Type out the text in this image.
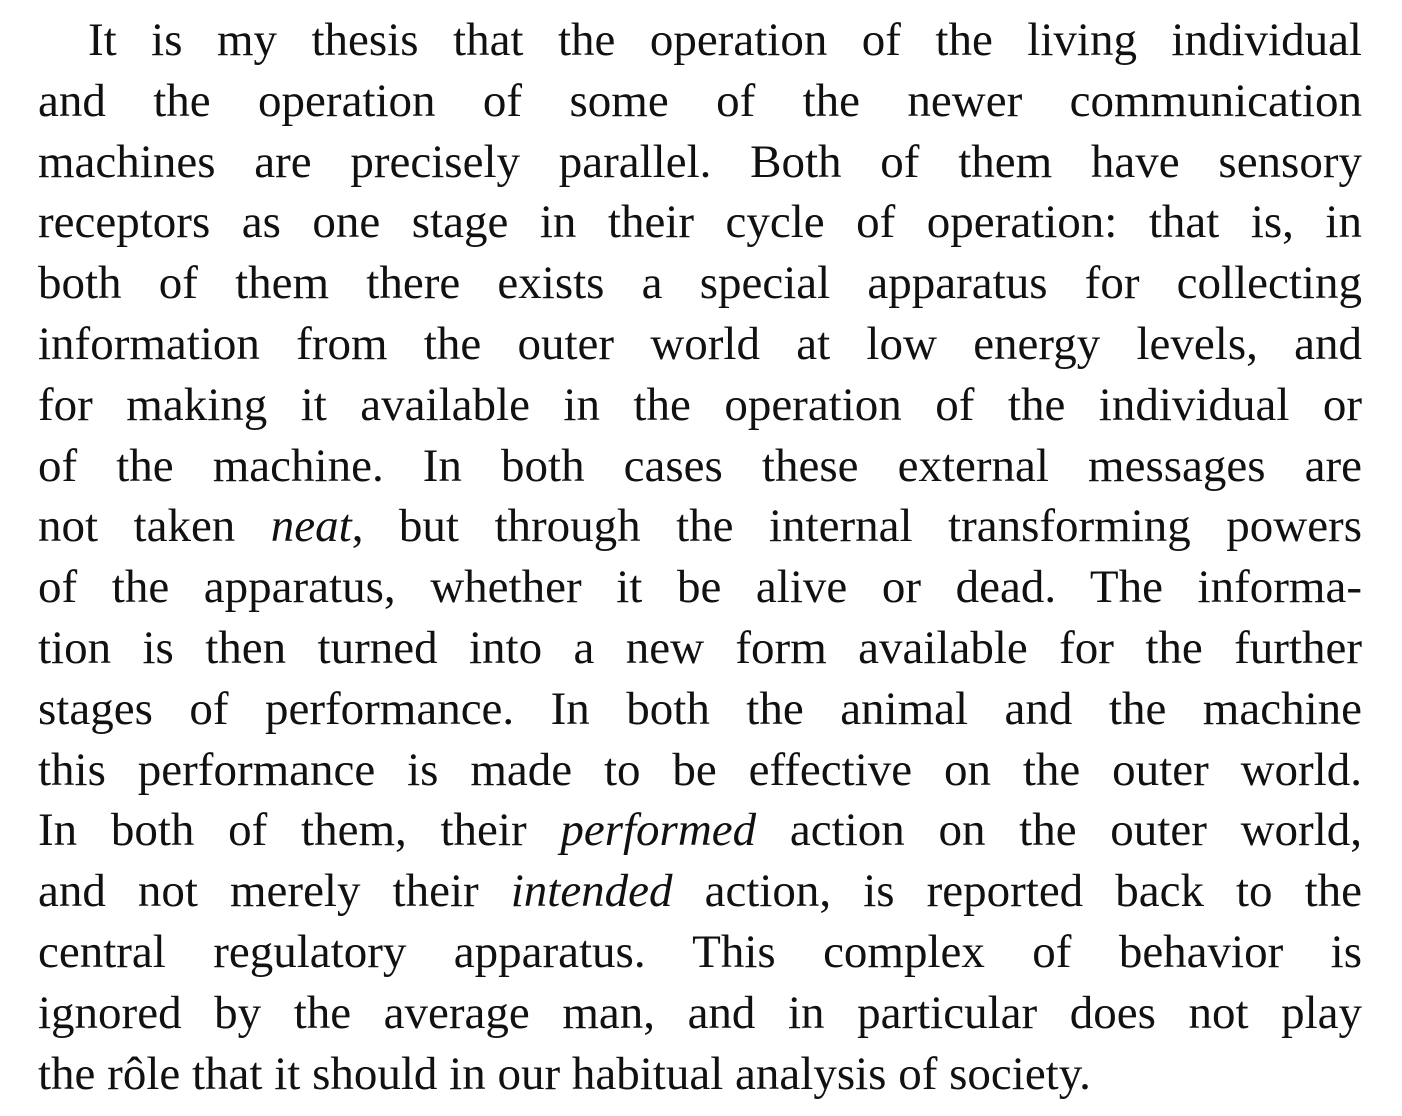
It is my thesis that the operation of the living individual
and the operation of some of the newer communication
machines are precisely parallel. Both of them have sensory
receptors as one stage in their cycle of operation: that is, in
both of them there exists a special apparatus for collecting
information from the outer world at low energy levels, and
for making it available in the operation of the individual or
of the machine. In both cases these external messages are
not taken neat, but through the internal transforming powers
of the apparatus, whether it be alive or dead. The informa-
tion is then turned into a new form available for the further
stages of performance. In both the animal and the machine
this performance is made to be effective on the outer world.
In both of them, their performed action on the outer world,
and not merely their intended action, is reported back to the
central regulatory apparatus. This complex of behavior is
ignored by the average man, and in particular does not play
the rôle that it should in our habitual analysis of society.
